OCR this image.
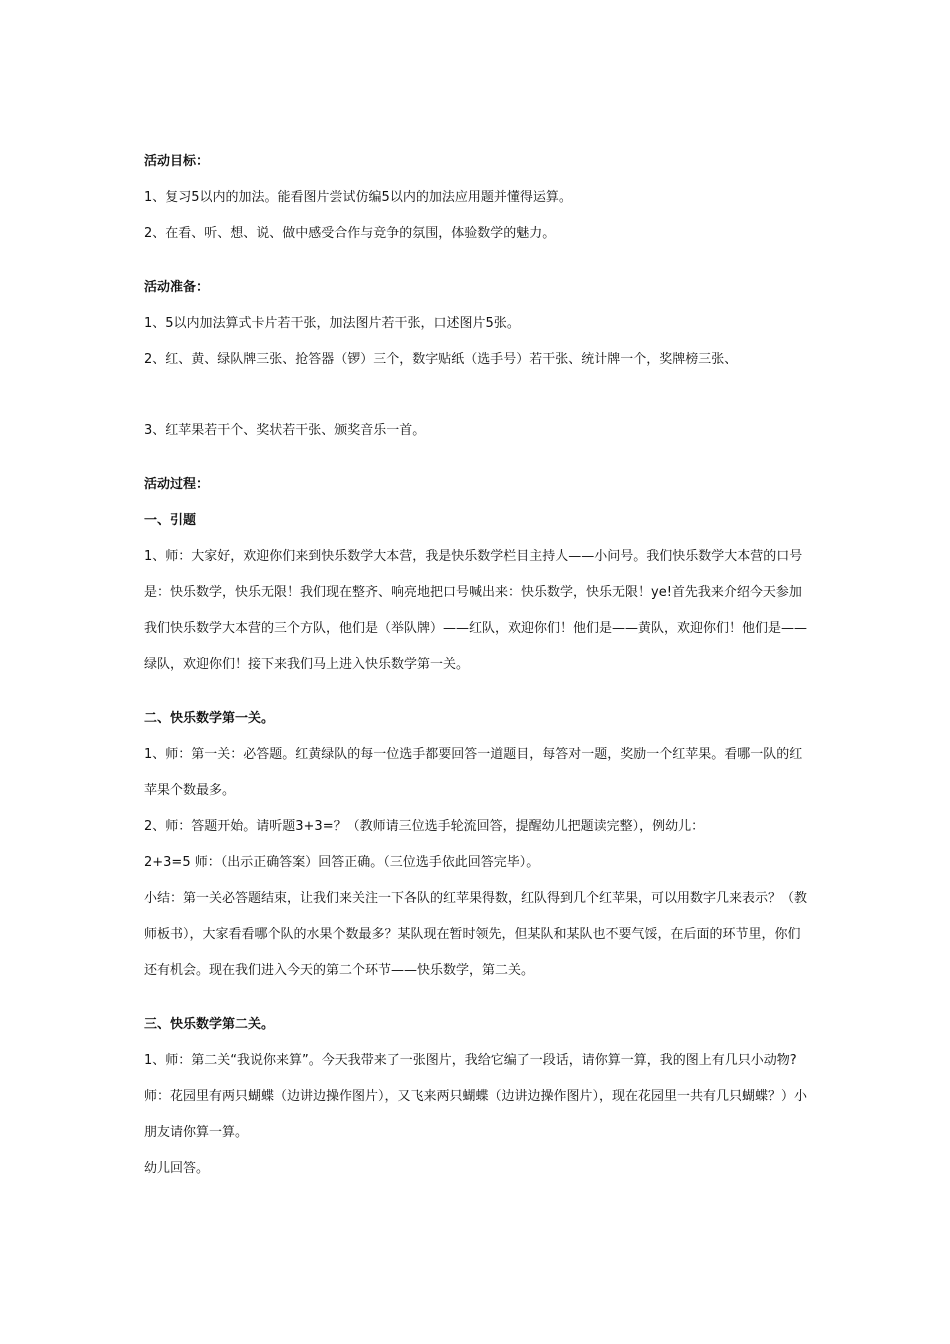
活动目标：

1、复习5以内的加法。能看图片尝试仿编5以内的加法应用题并懂得运算。

2、在看、听、想、说、做中感受合作与竞争的氛围，体验数学的魅力。

活动准备：

1、5以内加法算式卡片若干张，加法图片若干张，口述图片5张。

2、红、黄、绿队牌三张、抢答器（锣）三个，数字贴纸（选手号）若干张、统计牌一个，奖牌榜三张、

3、红苹果若干个、奖状若干张、颁奖音乐一首。

活动过程：

一、引题

1、师：大家好，欢迎你们来到快乐数学大本营，我是快乐数学栏目主持人——小问号。我们快乐数学大本营的口号是：快乐数学，快乐无限！我们现在整齐、响亮地把口号喊出来：快乐数学，快乐无限！ye!首先我来介绍今天参加我们快乐数学大本营的三个方队，他们是（举队牌）——红队，欢迎你们！他们是——黄队，欢迎你们！他们是——绿队，欢迎你们！接下来我们马上进入快乐数学第一关。

二、快乐数学第一关。

1、师：第一关：必答题。红黄绿队的每一位选手都要回答一道题目，每答对一题，奖励一个红苹果。看哪一队的红苹果个数最多。

2、师：答题开始。请听题3+3=？（教师请三位选手轮流回答，提醒幼儿把题读完整），例幼儿：

2+3=5 师：（出示正确答案）回答正确。（三位选手依此回答完毕）。

小结：第一关必答题结束，让我们来关注一下各队的红苹果得数，红队得到几个红苹果，可以用数字几来表示？（教师板书），大家看看哪个队的水果个数最多？某队现在暂时领先，但某队和某队也不要气馁，在后面的环节里，你们还有机会。现在我们进入今天的第二个环节——快乐数学，第二关。

三、快乐数学第二关。

1、师：第二关“我说你来算”。今天我带来了一张图片，我给它编了一段话，请你算一算，我的图上有几只小动物?

师：花园里有两只蝴蝶（边讲边操作图片），又飞来两只蝴蝶（边讲边操作图片），现在花园里一共有几只蝴蝶？）小朋友请你算一算。

幼儿回答。
